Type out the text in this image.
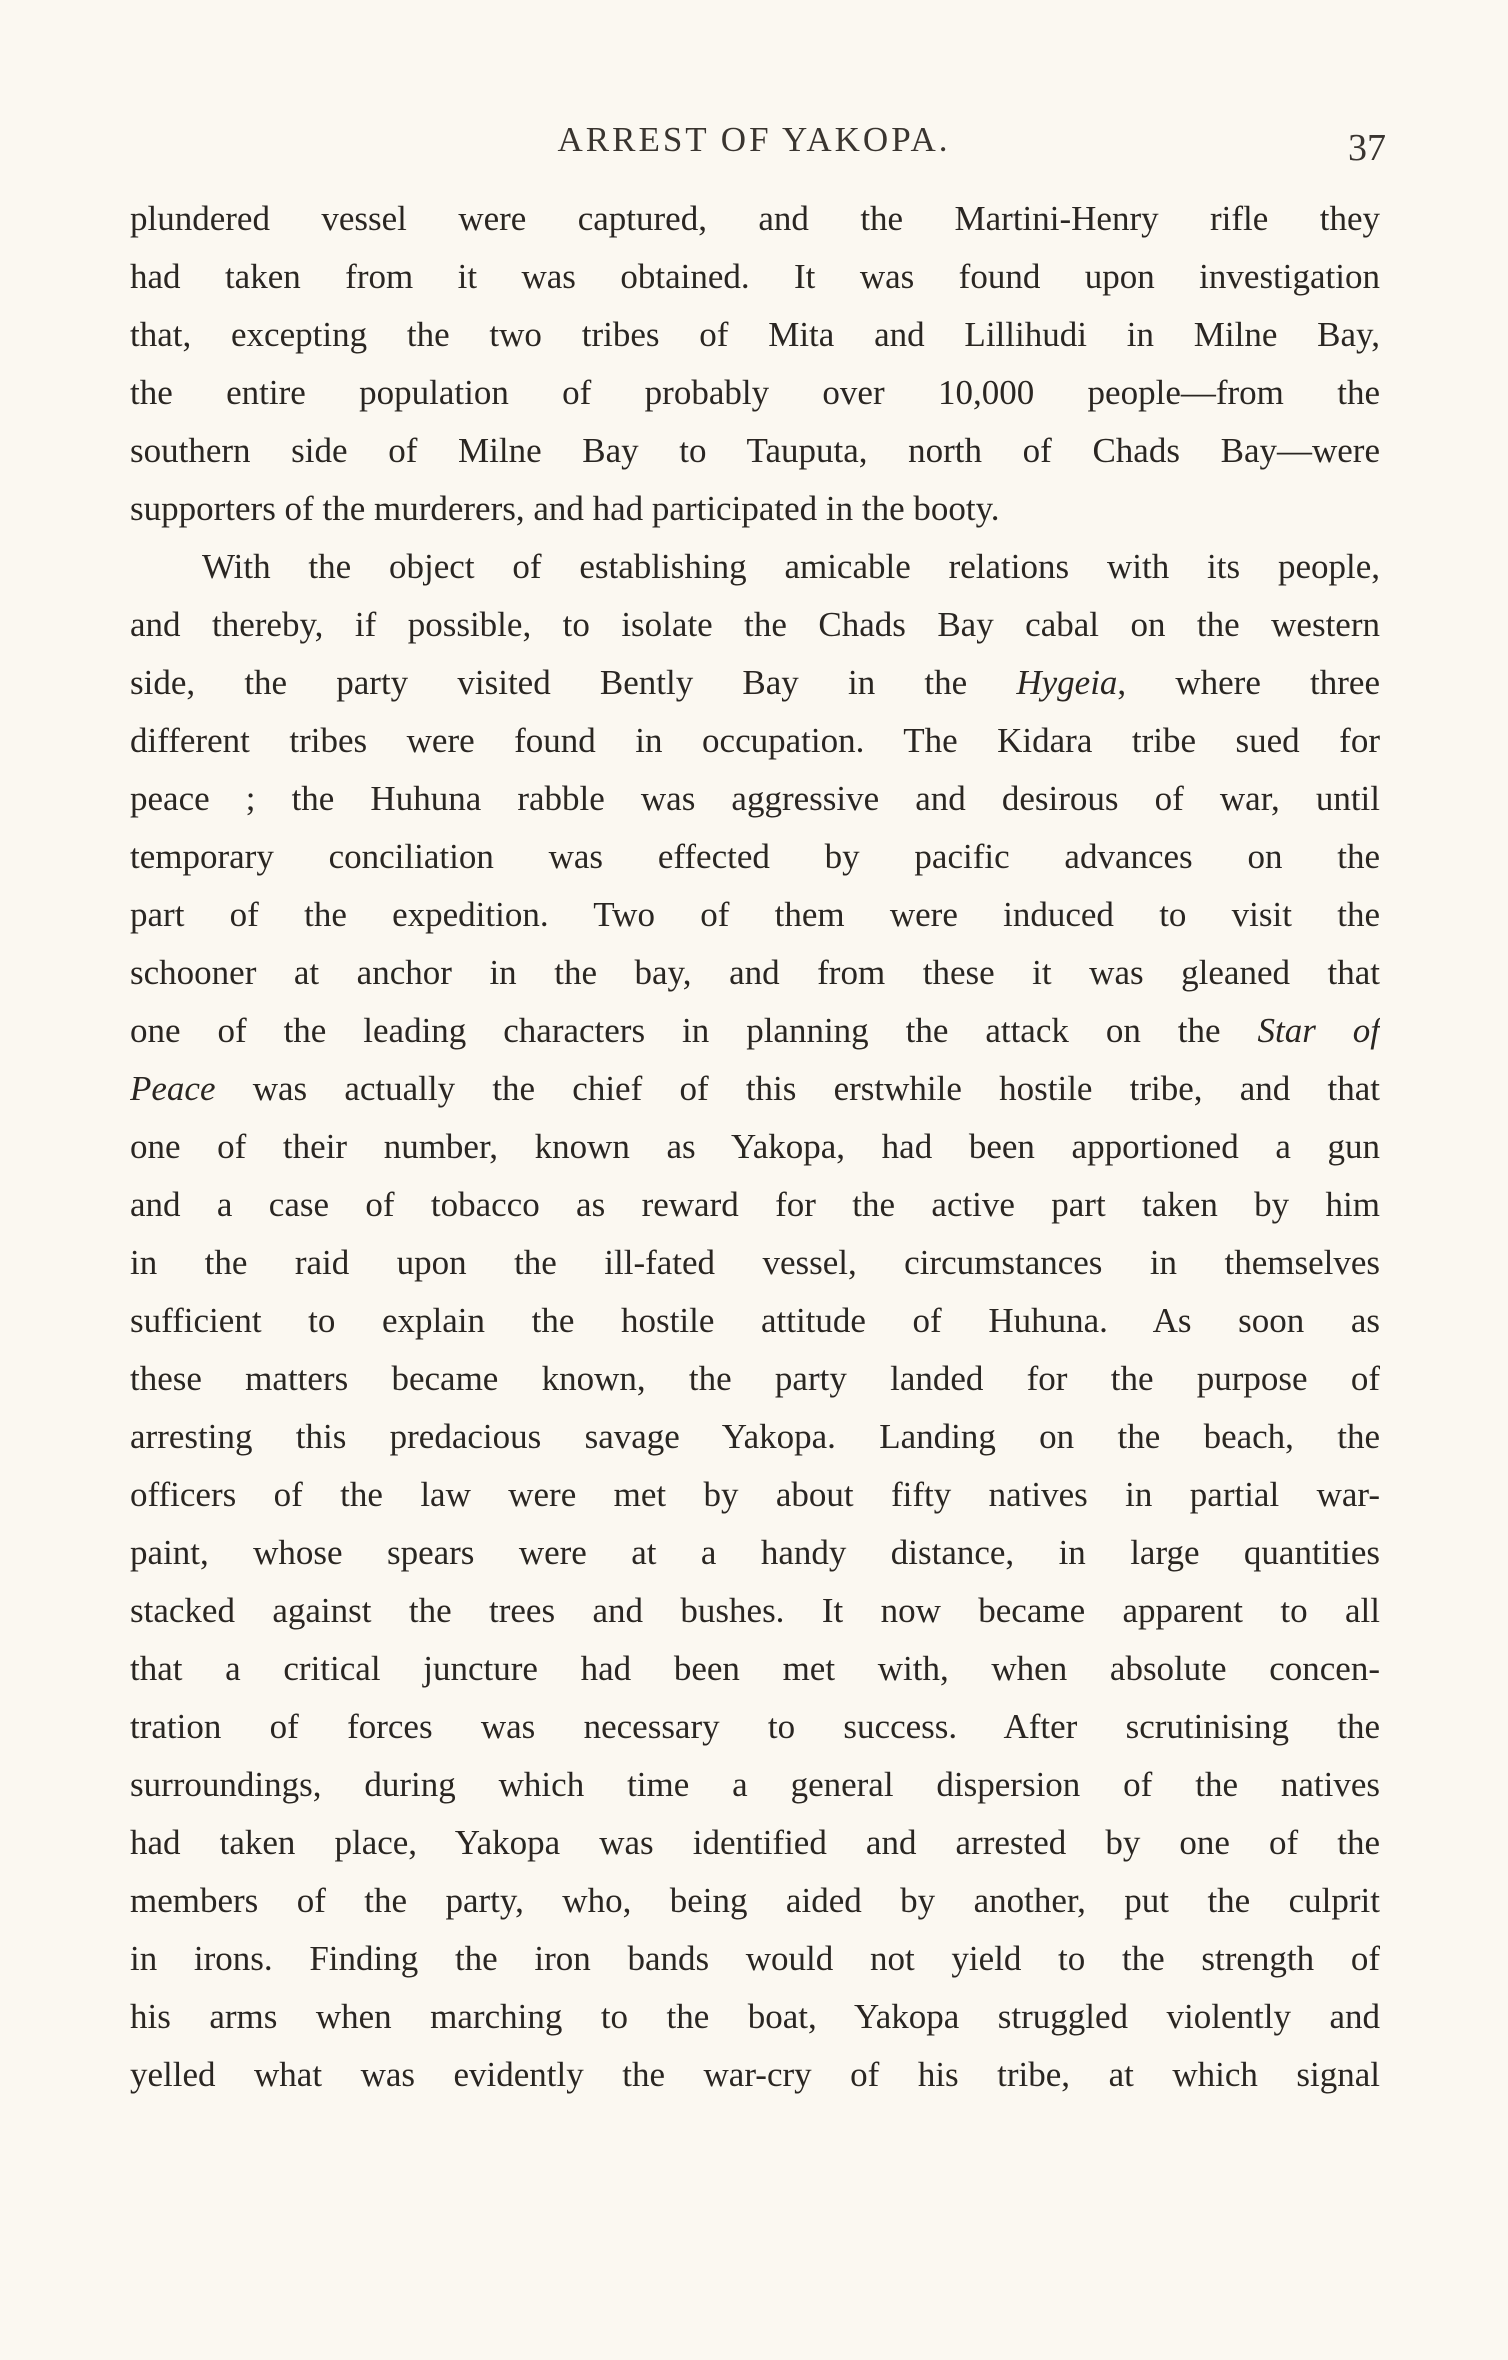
ARREST OF YAKOPA.	37
plundered vessel were captured, and the Martini-Henry rifle they
had taken from it was obtained. It was found upon investigation
that, excepting the two tribes of Mita and Lillihudi in Milne Bay,
the entire population of probably over 10,000 people—from the
southern side of Milne Bay to Tauputa, north of Chads Bay—were
supporters of the murderers, and had participated in the booty.
With the object of establishing amicable relations with its people,
and thereby, if possible, to isolate the Chads Bay cabal on the western
side, the party visited Bently Bay in the Hygeia, where three
different tribes were found in occupation. The Kidara tribe sued for
peace ; the Huhuna rabble was aggressive and desirous of war, until
temporary conciliation was effected by pacific advances on the
part of the expedition. Two of them were induced to visit the
schooner at anchor in the bay, and from these it was gleaned that
one of the leading characters in planning the attack on the Star of
Peace was actually the chief of this erstwhile hostile tribe, and that
one of their number, known as Yakopa, had been apportioned a gun
and a case of tobacco as reward for the active part taken by him
in the raid upon the ill-fated vessel, circumstances in themselves
sufficient to explain the hostile attitude of Huhuna. As soon as
these matters became known, the party landed for the purpose of
arresting this predacious savage Yakopa. Landing on the beach, the
officers of the law were met by about fifty natives in partial war-
paint, whose spears were at a handy distance, in large quantities
stacked against the trees and bushes. It now became apparent to all
that a critical juncture had been met with, when absolute concen-
tration of forces was necessary to success. After scrutinising the
surroundings, during which time a general dispersion of the natives
had taken place, Yakopa was identified and arrested by one of the
members of the party, who, being aided by another, put the culprit
in irons. Finding the iron bands would not yield to the strength of
his arms when marching to the boat, Yakopa struggled violently and
yelled what was evidently the war-cry of his tribe, at which signal
